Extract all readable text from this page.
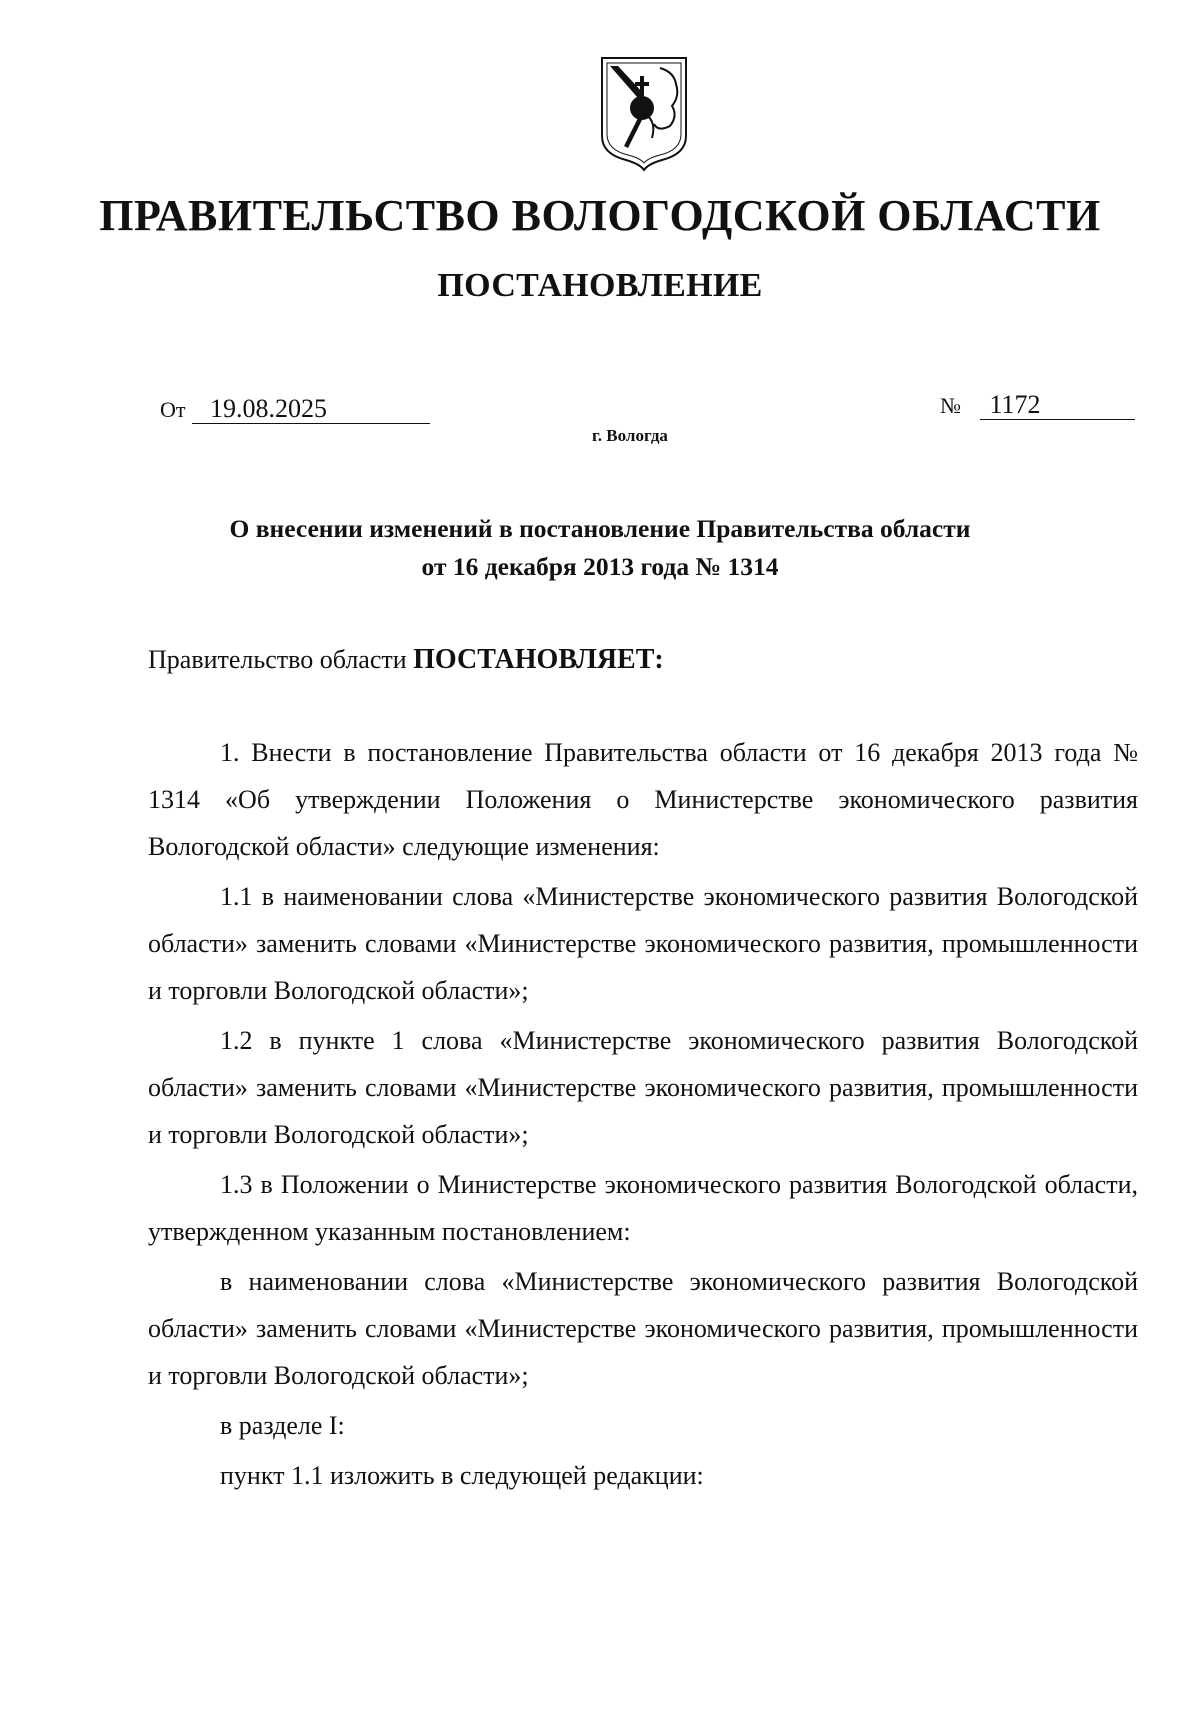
ПРАВИТЕЛЬСТВО ВОЛОГОДСКОЙ ОБЛАСТИ
ПОСТАНОВЛЕНИЕ
От 19.08.2025	№ 1172
г. Вологда
О внесении изменений в постановление Правительства области
от 16 декабря 2013 года № 1314
Правительство области ПОСТАНОВЛЯЕТ:

1. Внести в постановление Правительства области от 16 декабря 2013 года № 1314 «Об утверждении Положения о Министерстве экономического развития Вологодской области» следующие изменения:

1.1 в наименовании слова «Министерстве экономического развития Вологодской области» заменить словами «Министерстве экономического развития, промышленности и торговли Вологодской области»;

1.2 в пункте 1 слова «Министерстве экономического развития Вологодской области» заменить словами «Министерстве экономического развития, промышленности и торговли Вологодской области»;

1.3 в Положении о Министерстве экономического развития Вологодской области, утвержденном указанным постановлением:

в наименовании слова «Министерстве экономического развития Вологодской области» заменить словами «Министерстве экономического развития, промышленности и торговли Вологодской области»;

в разделе I:

пункт 1.1 изложить в следующей редакции:
